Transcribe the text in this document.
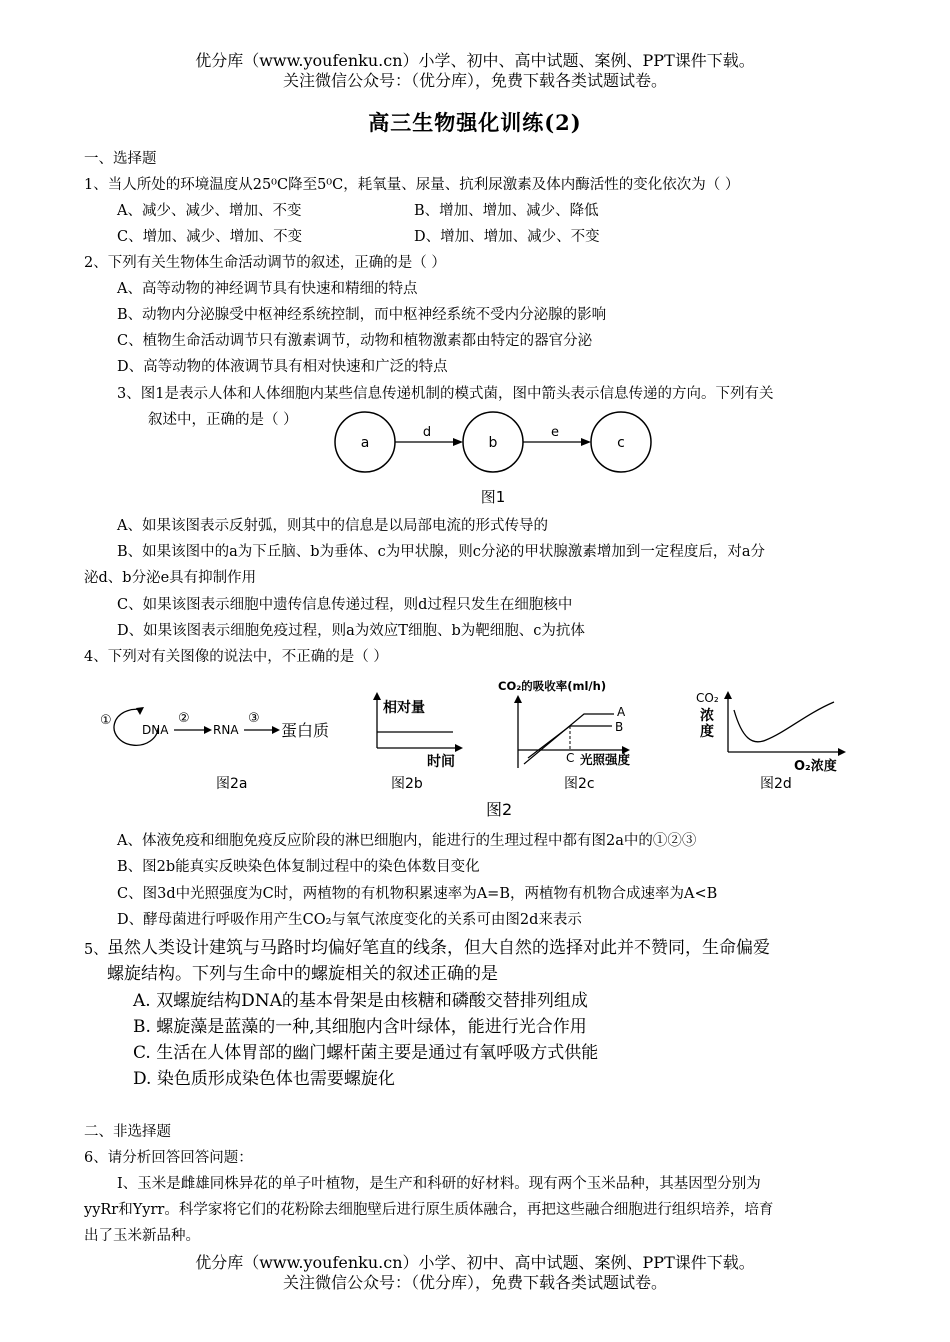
优分库（www.youfenku.cn）小学、初中、高中试题、案例、PPT课件下载。
关注微信公众号：（优分库），免费下载各类试题试卷。
高三生物强化训练(2)
一、选择题
1、当人所处的环境温度从25⁰C降至5⁰C，耗氧量、尿量、抗利尿激素及体内酶活性的变化依次为（ ）
A、减少、减少、增加、不变	B、增加、增加、减少、降低
C、增加、减少、增加、不变	D、增加、增加、减少、不变
2、下列有关生物体生命活动调节的叙述，正确的是（ ）
A、高等动物的神经调节具有快速和精细的特点
B、动物内分泌腺受中枢神经系统控制，而中枢神经系统不受内分泌腺的影响
C、植物生命活动调节只有激素调节，动物和植物激素都由特定的器官分泌
D、高等动物的体液调节具有相对快速和广泛的特点
3、图1是表示人体和人体细胞内某些信息传递机制的模式菌，图中箭头表示信息传递的方向。下列有关
叙述中，正确的是（ ）
a	b	c
d	e
图1
A、如果该图表示反射弧，则其中的信息是以局部电流的形式传导的
B、如果该图中的a为下丘脑、b为垂体、c为甲状腺，则c分泌的甲状腺激素增加到一定程度后，对a分
泌d、b分泌e具有抑制作用
C、如果该图表示细胞中遗传信息传递过程，则d过程只发生在细胞核中
D、如果该图表示细胞免疫过程，则a为效应T细胞、b为靶细胞、c为抗体
4、下列对有关图像的说法中，不正确的是（ ）
①
DNA
②
RNA
③
蛋白质
图2a
相对量
时间
图2b
CO₂的吸收率(ml/h)
A
B
C 光照强度
图2c
CO₂
浓
度
O₂浓度
图2d
图2
A、体液免疫和细胞免疫反应阶段的淋巴细胞内，能进行的生理过程中都有图2a中的①②③
B、图2b能真实反映染色体复制过程中的染色体数目变化
C、图3d中光照强度为C时，两植物的有机物积累速率为A=B，两植物有机物合成速率为A<B
D、酵母菌进行呼吸作用产生CO₂与氧气浓度变化的关系可由图2d来表示
5、 虽然人类设计建筑与马路时均偏好笔直的线条，但大自然的选择对此并不赞同，生命偏爱
螺旋结构。下列与生命中的螺旋相关的叙述正确的是
A. 双螺旋结构DNA的基本骨架是由核糖和磷酸交替排列组成
B. 螺旋藻是蓝藻的一种,其细胞内含叶绿体，能进行光合作用
C. 生活在人体胃部的幽门螺杆菌主要是通过有氧呼吸方式供能
D. 染色质形成染色体也需要螺旋化
二、非选择题
6、请分析回答回答问题：
Ⅰ、玉米是雌雄同株异花的单子叶植物，是生产和科研的好材料。现有两个玉米品种，其基因型分别为
yyRr和Yyrr。科学家将它们的花粉除去细胞壁后进行原生质体融合，再把这些融合细胞进行组织培养，培育
出了玉米新品种。
优分库（www.youfenku.cn）小学、初中、高中试题、案例、PPT课件下载。
关注微信公众号：（优分库），免费下载各类试题试卷。
